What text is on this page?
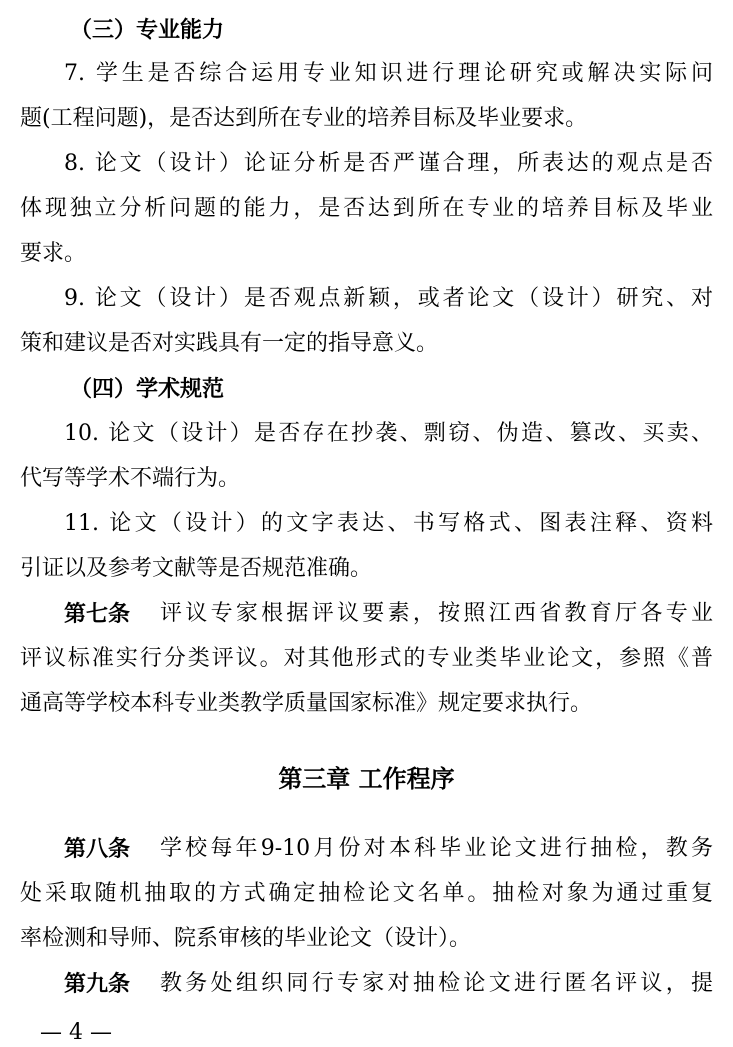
（三）专业能力
7. 学生是否综合运用专业知识进行理论研究或解决实际问
题(工程问题)，是否达到所在专业的培养目标及毕业要求。
8. 论文（设计）论证分析是否严谨合理，所表达的观点是否
体现独立分析问题的能力，是否达到所在专业的培养目标及毕业
要求。
9. 论文（设计）是否观点新颖，或者论文（设计）研究、对
策和建议是否对实践具有一定的指导意义。
（四）学术规范
10. 论文（设计）是否存在抄袭、剽窃、伪造、篡改、买卖、
代写等学术不端行为。
11. 论文（设计）的文字表达、书写格式、图表注释、资料
引证以及参考文献等是否规范准确。
第七条	评议专家根据评议要素，按照江西省教育厅各专业
评议标准实行分类评议。对其他形式的专业类毕业论文，参照《普
通高等学校本科专业类教学质量国家标准》规定要求执行。
第三章 工作程序
第八条	学校每年9-10月份对本科毕业论文进行抽检，教务
处采取随机抽取的方式确定抽检论文名单。抽检对象为通过重复
率检测和导师、院系审核的毕业论文（设计）。
第九条	教务处组织同行专家对抽检论文进行匿名评议，提
— 4 —
